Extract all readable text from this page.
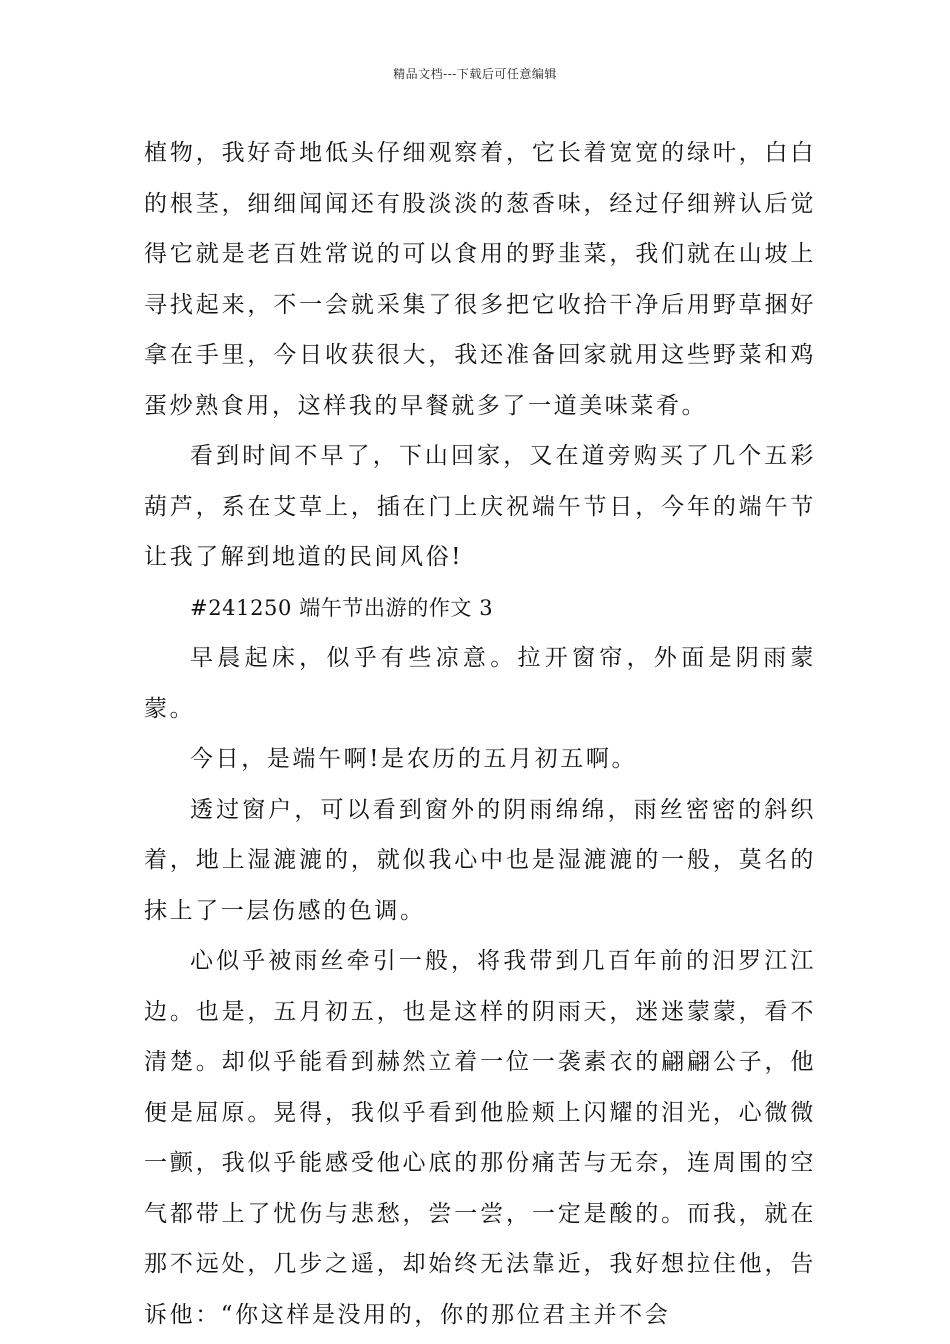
精品文档---下载后可任意编辑

植物，我好奇地低头仔细观察着，它长着宽宽的绿叶，白白的根茎，细细闻闻还有股淡淡的葱香味，经过仔细辨认后觉得它就是老百姓常说的可以食用的野韭菜，我们就在山坡上寻找起来，不一会就采集了很多把它收拾干净后用野草捆好拿在手里，今日收获很大，我还准备回家就用这些野菜和鸡蛋炒熟食用，这样我的早餐就多了一道美味菜肴。

看到时间不早了，下山回家，又在道旁购买了几个五彩葫芦，系在艾草上，插在门上庆祝端午节日，今年的端午节让我了解到地道的民间风俗!

#241250 端午节出游的作文 3

早晨起床，似乎有些凉意。拉开窗帘，外面是阴雨蒙蒙。

今日，是端午啊!是农历的五月初五啊。

透过窗户，可以看到窗外的阴雨绵绵，雨丝密密的斜织着，地上湿漉漉的，就似我心中也是湿漉漉的一般，莫名的抹上了一层伤感的色调。

心似乎被雨丝牵引一般，将我带到几百年前的汨罗江江边。也是，五月初五，也是这样的阴雨天，迷迷蒙蒙，看不清楚。却似乎能看到赫然立着一位一袭素衣的翩翩公子，他便是屈原。晃得，我似乎看到他脸颊上闪耀的泪光，心微微一颤，我似乎能感受他心底的那份痛苦与无奈，连周围的空气都带上了忧伤与悲愁，尝一尝，一定是酸的。而我，就在那不远处，几步之遥，却始终无法靠近，我好想拉住他，告诉他：“你这样是没用的，你的那位君主并不会
